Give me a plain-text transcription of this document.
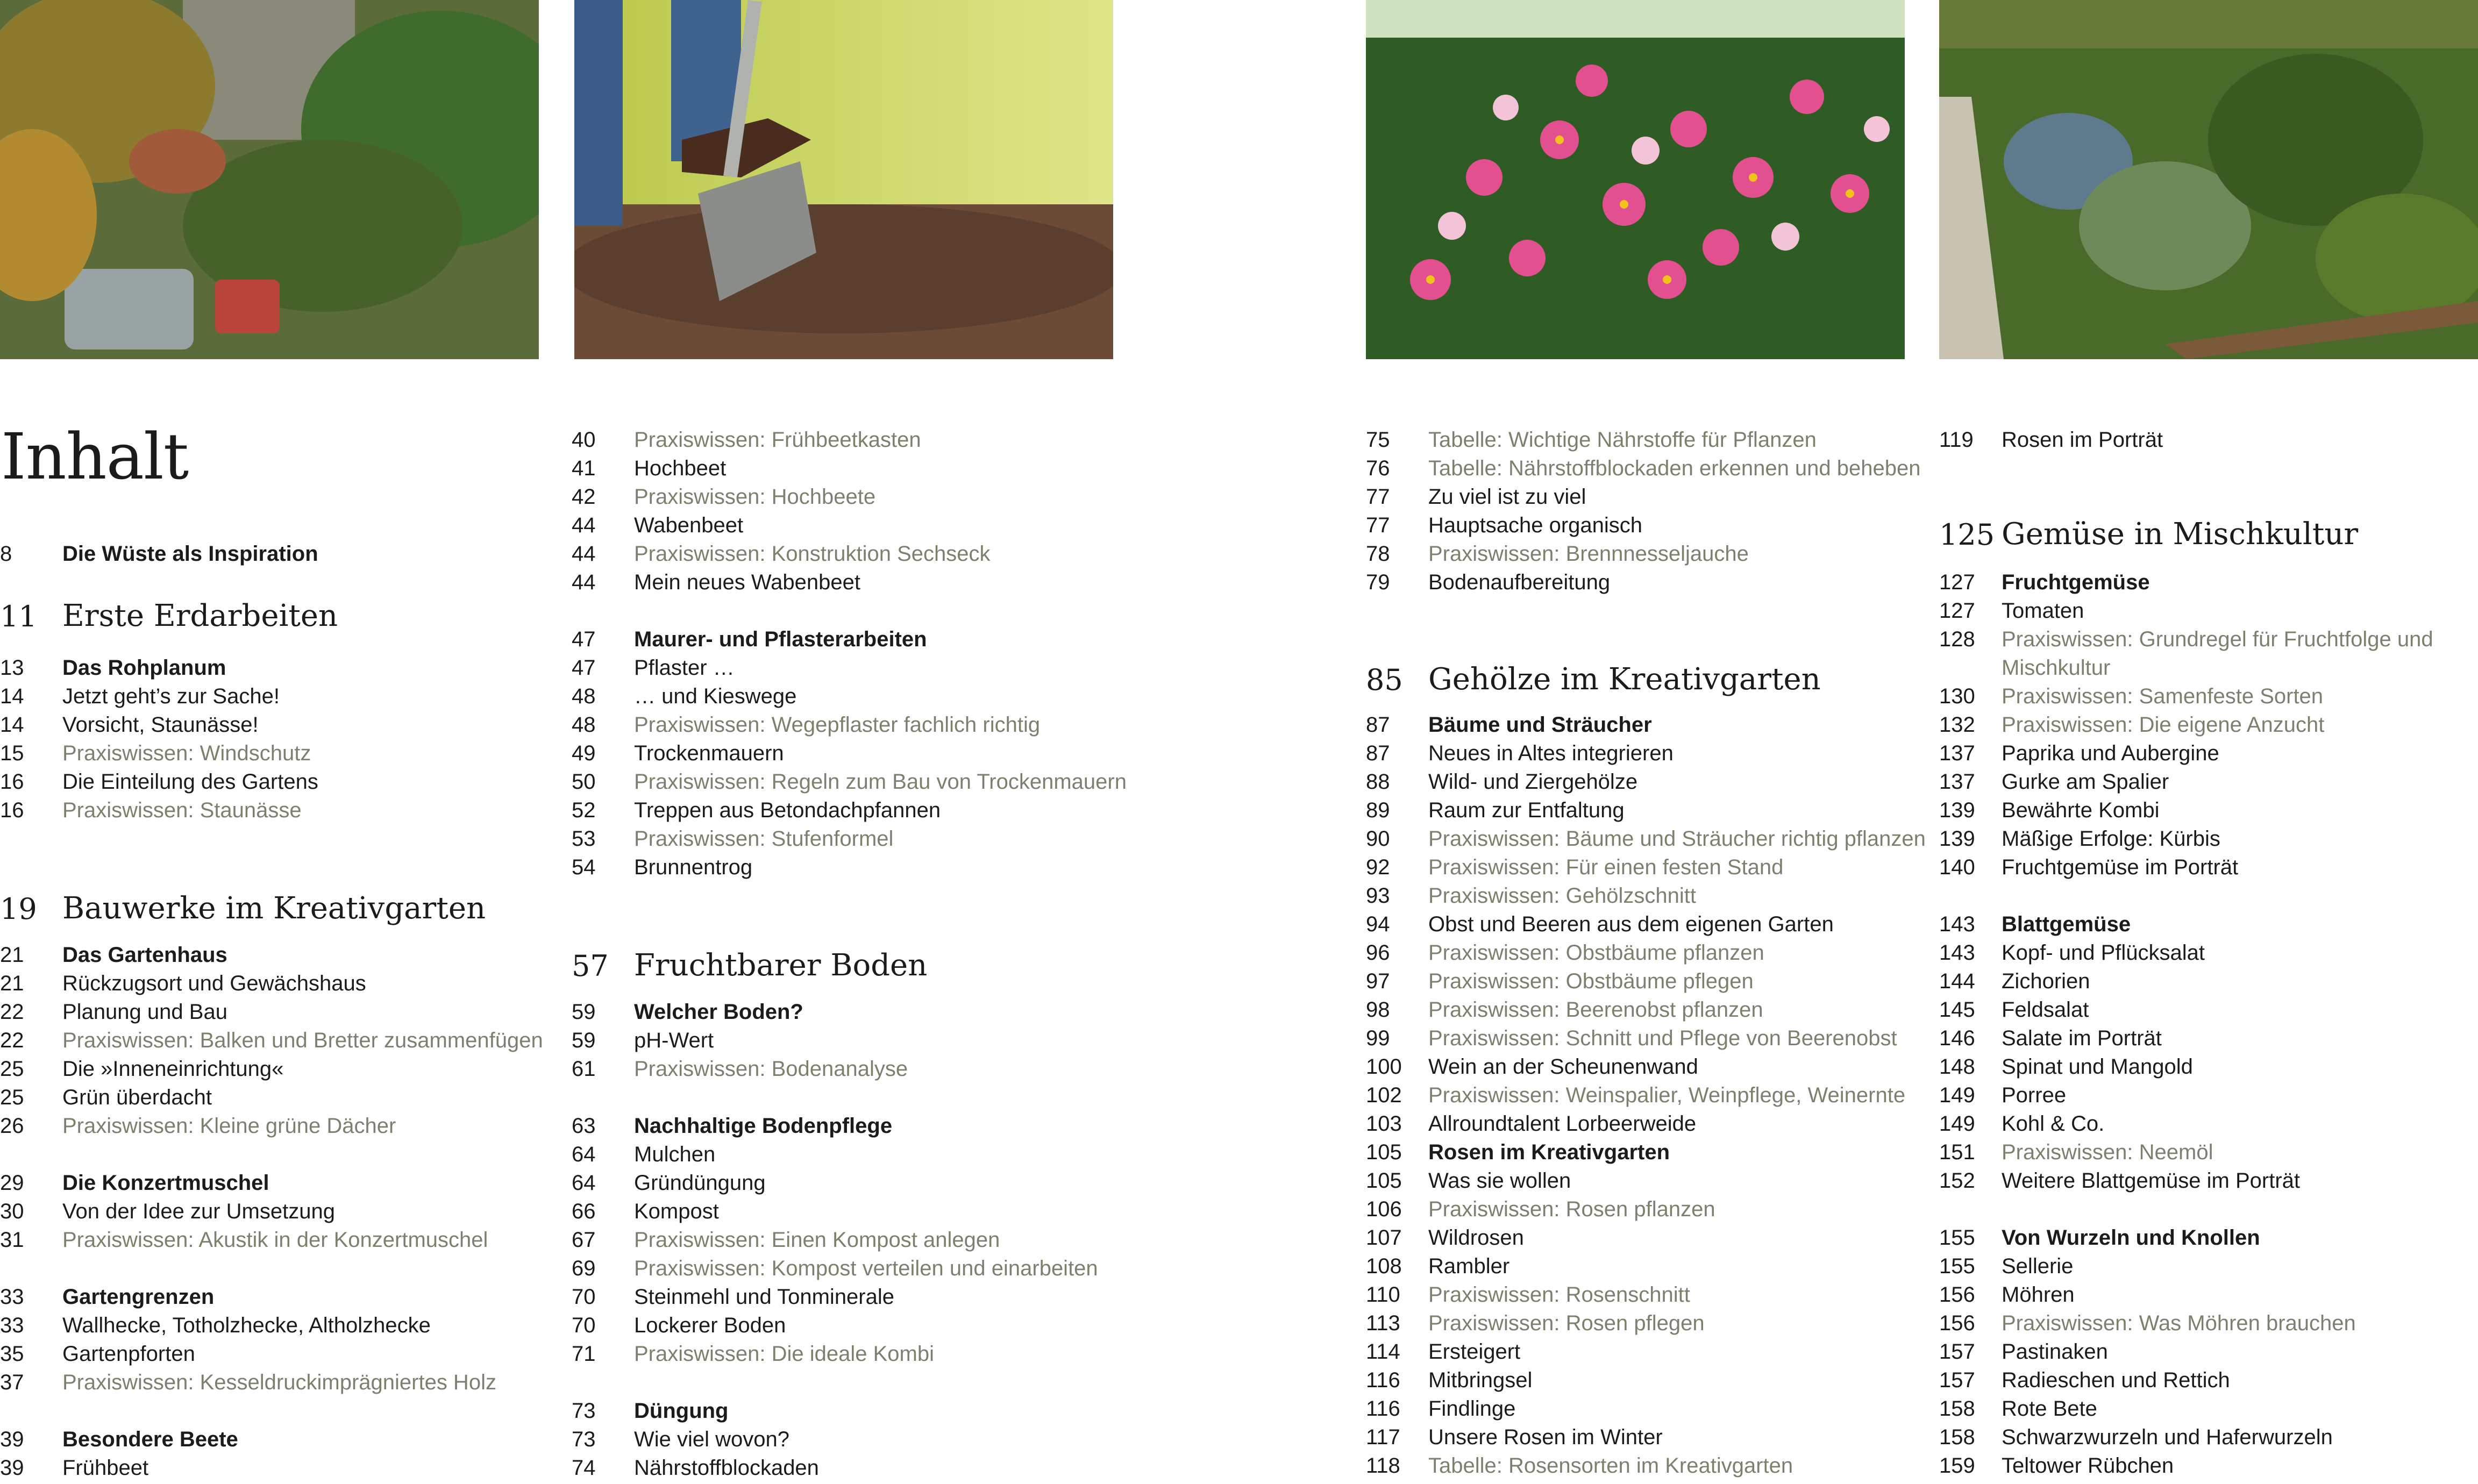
Inhalt
8 Die Wüste als Inspiration
11 Erste Erdarbeiten
13 Das Rohplanum
14 Jetzt geht’s zur Sache!
14 Vorsicht, Staunässe!
15 Praxiswissen: Windschutz
16 Die Einteilung des Gartens
16 Praxiswissen: Staunässe
19 Bauwerke im Kreativgarten
21 Das Gartenhaus
21 Rückzugsort und Gewächshaus
22 Planung und Bau
22 Praxiswissen: Balken und Bretter zusammenfügen
25 Die »Inneneinrichtung«
25 Grün überdacht
26 Praxiswissen: Kleine grüne Dächer
29 Die Konzertmuschel
30 Von der Idee zur Umsetzung
31 Praxiswissen: Akustik in der Konzertmuschel
33 Gartengrenzen
33 Wallhecke, Totholzhecke, Altholzhecke
35 Gartenpforten
37 Praxiswissen: Kesseldruckimprägniertes Holz
39 Besondere Beete
39 Frühbeet
40 Praxiswissen: Frühbeetkasten
41 Hochbeet
42 Praxiswissen: Hochbeete
44 Wabenbeet
44 Praxiswissen: Konstruktion Sechseck
44 Mein neues Wabenbeet
47 Maurer- und Pflasterarbeiten
47 Pflaster …
48 … und Kieswege
48 Praxiswissen: Wegepflaster fachlich richtig
49 Trockenmauern
50 Praxiswissen: Regeln zum Bau von Trockenmauern
52 Treppen aus Betondachpfannen
53 Praxiswissen: Stufenformel
54 Brunnentrog
57 Fruchtbarer Boden
59 Welcher Boden?
59 pH-Wert
61 Praxiswissen: Bodenanalyse
63 Nachhaltige Bodenpflege
64 Mulchen
64 Gründüngung
66 Kompost
67 Praxiswissen: Einen Kompost anlegen
69 Praxiswissen: Kompost verteilen und einarbeiten
70 Steinmehl und Tonminerale
70 Lockerer Boden
71 Praxiswissen: Die ideale Kombi
73 Düngung
73 Wie viel wovon?
74 Nährstoffblockaden
75 Tabelle: Wichtige Nährstoffe für Pflanzen
76 Tabelle: Nährstoffblockaden erkennen und beheben
77 Zu viel ist zu viel
77 Hauptsache organisch
78 Praxiswissen: Brennnesseljauche
79 Bodenaufbereitung
85 Gehölze im Kreativgarten
87 Bäume und Sträucher
87 Neues in Altes integrieren
88 Wild- und Ziergehölze
89 Raum zur Entfaltung
90 Praxiswissen: Bäume und Sträucher richtig pflanzen
92 Praxiswissen: Für einen festen Stand
93 Praxiswissen: Gehölzschnitt
94 Obst und Beeren aus dem eigenen Garten
96 Praxiswissen: Obstbäume pflanzen
97 Praxiswissen: Obstbäume pflegen
98 Praxiswissen: Beerenobst pflanzen
99 Praxiswissen: Schnitt und Pflege von Beerenobst
100 Wein an der Scheunenwand
102 Praxiswissen: Weinspalier, Weinpflege, Weinernte
103 Allroundtalent Lorbeerweide
105 Rosen im Kreativgarten
105 Was sie wollen
106 Praxiswissen: Rosen pflanzen
107 Wildrosen
108 Rambler
110 Praxiswissen: Rosenschnitt
113 Praxiswissen: Rosen pflegen
114 Ersteigert
116 Mitbringsel
116 Findlinge
117 Unsere Rosen im Winter
118 Tabelle: Rosensorten im Kreativgarten
119 Rosen im Porträt
125 Gemüse in Mischkultur
127 Fruchtgemüse
127 Tomaten
128 Praxiswissen: Grundregel für Fruchtfolge und
Mischkultur
130 Praxiswissen: Samenfeste Sorten
132 Praxiswissen: Die eigene Anzucht
137 Paprika und Aubergine
137 Gurke am Spalier
139 Bewährte Kombi
139 Mäßige Erfolge: Kürbis
140 Fruchtgemüse im Porträt
143 Blattgemüse
143 Kopf- und Pflücksalat
144 Zichorien
145 Feldsalat
146 Salate im Porträt
148 Spinat und Mangold
149 Porree
149 Kohl & Co.
151 Praxiswissen: Neemöl
152 Weitere Blattgemüse im Porträt
155 Von Wurzeln und Knollen
155 Sellerie
156 Möhren
156 Praxiswissen: Was Möhren brauchen
157 Pastinaken
157 Radieschen und Rettich
158 Rote Bete
158 Schwarzwurzeln und Haferwurzeln
159 Teltower Rübchen
